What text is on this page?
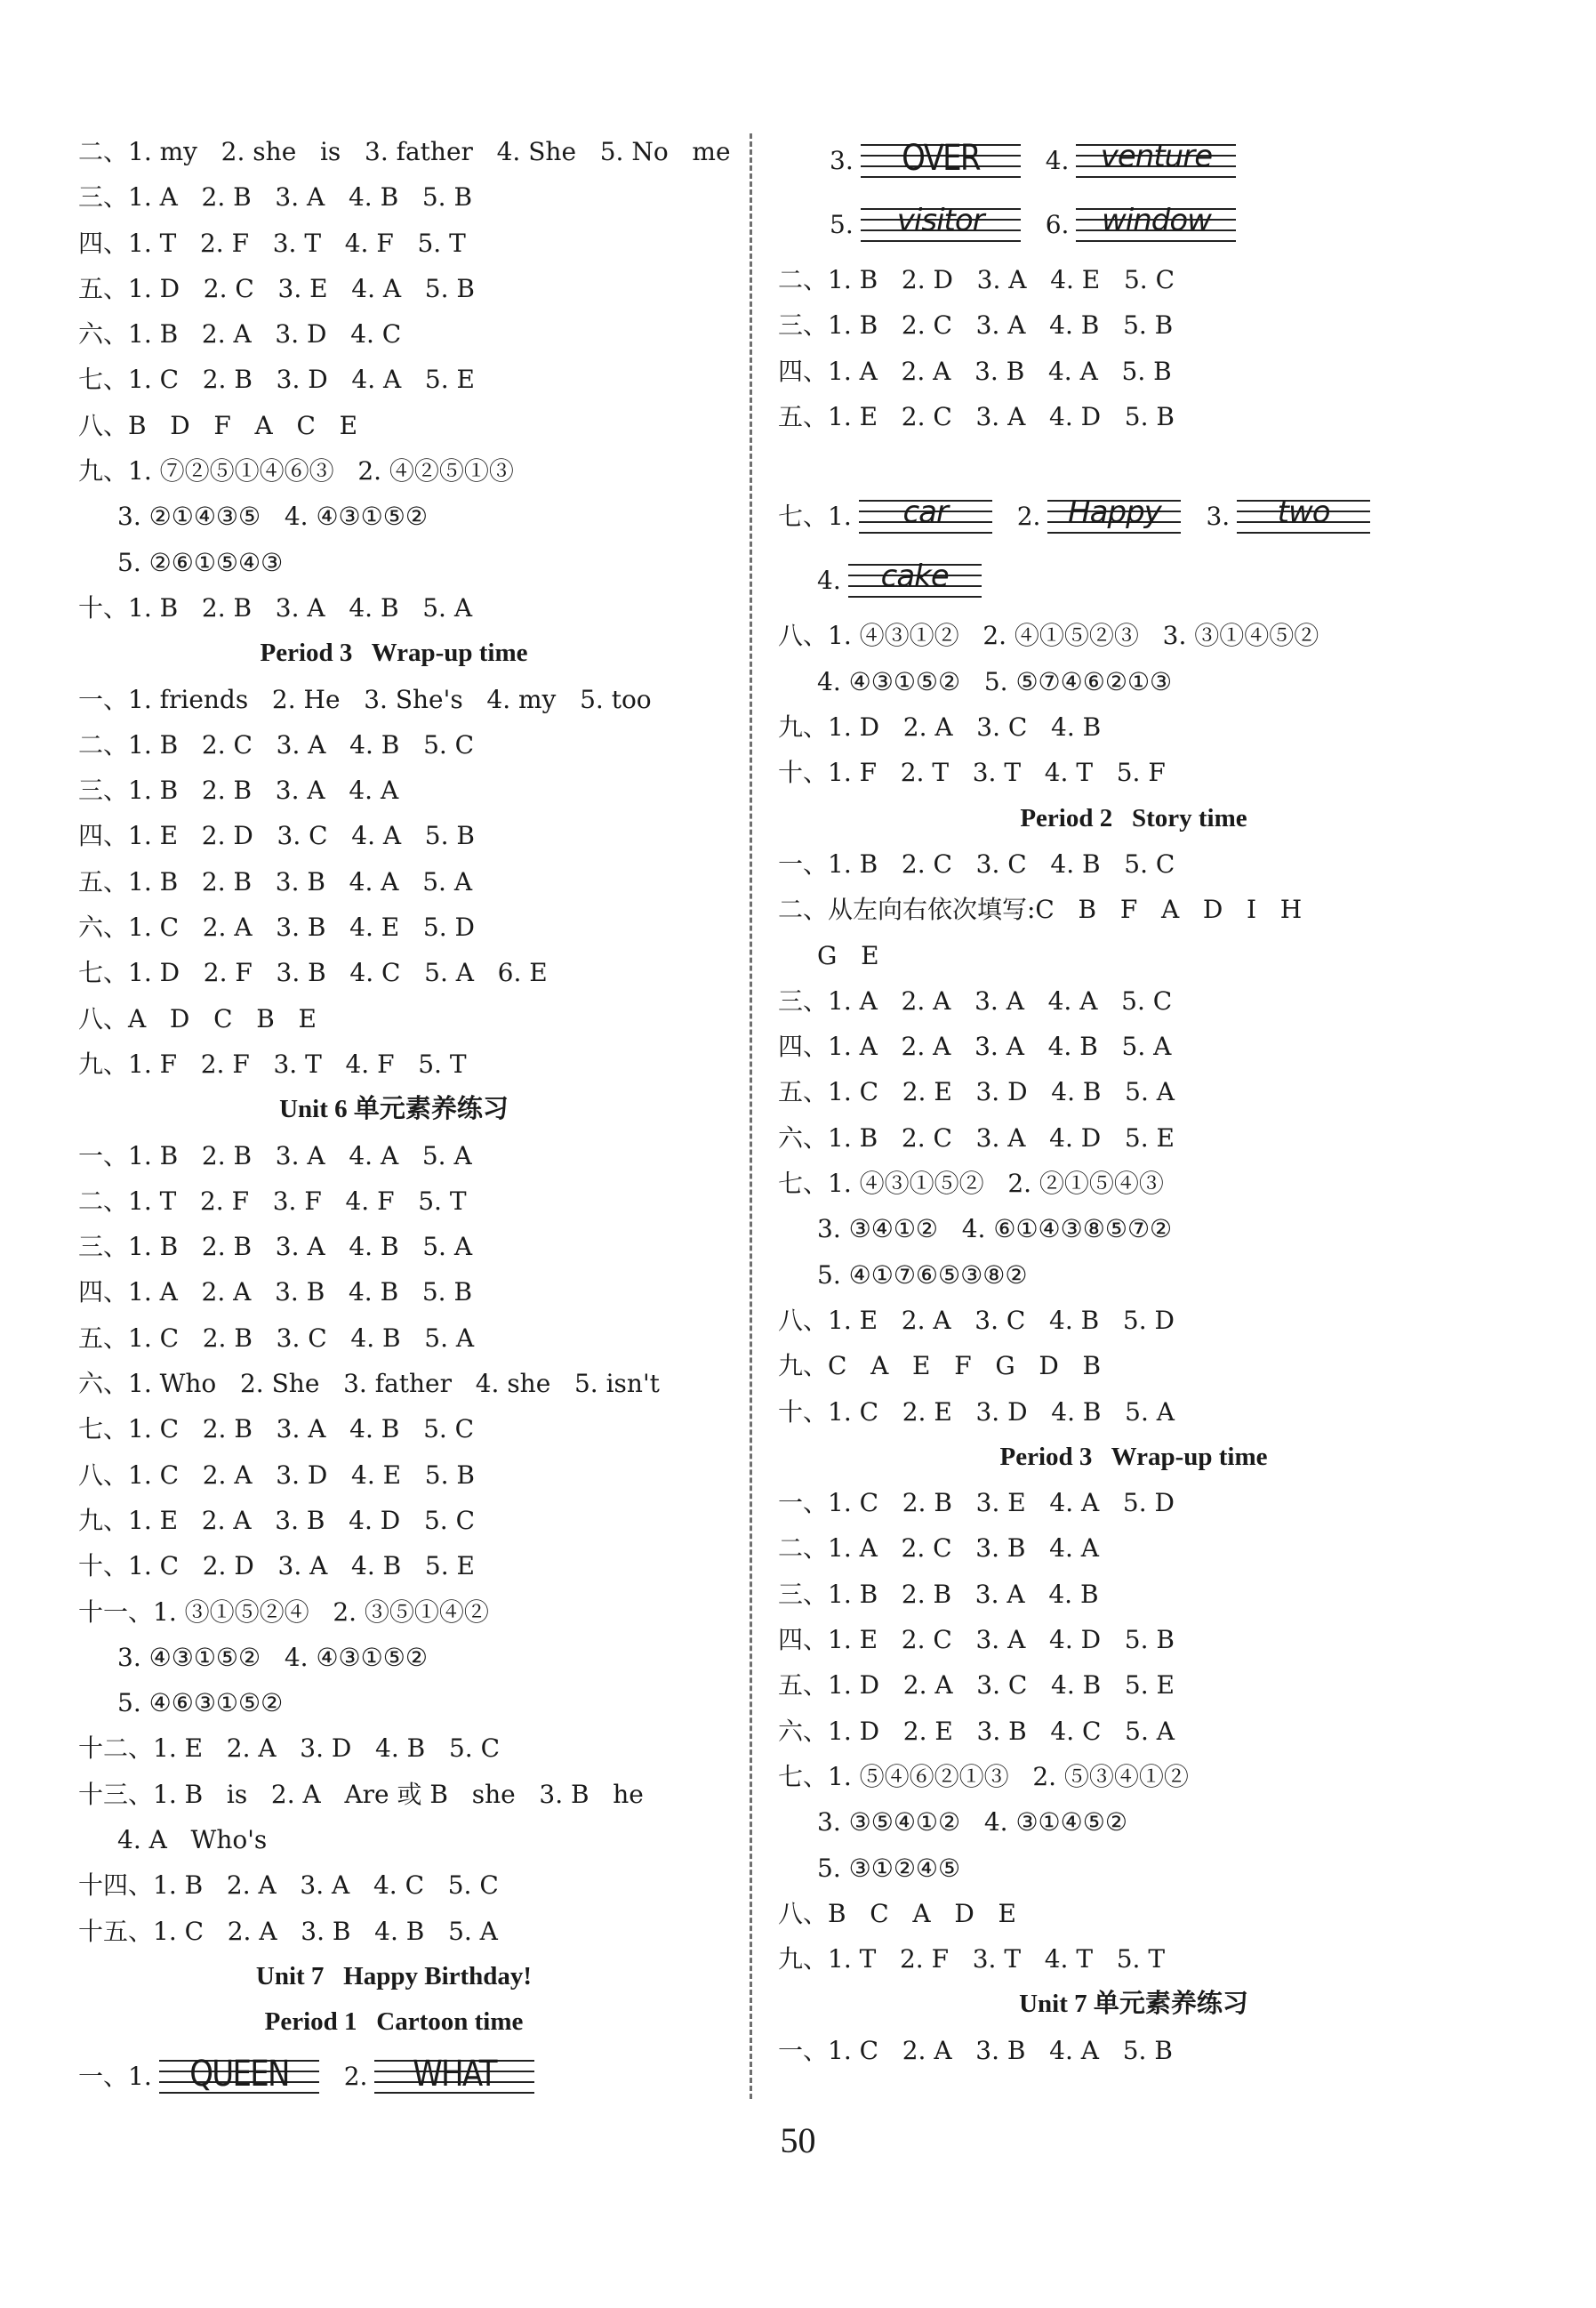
二、1. my   2. she   is   3. father   4. She   5. No   me
三、1. A   2. B   3. A   4. B   5. B
四、1. T   2. F   3. T   4. F   5. T
五、1. D   2. C   3. E   4. A   5. B
六、1. B   2. A   3. D   4. C
七、1. C   2. B   3. D   4. A   5. E
八、B   D   F   A   C   E
九、1. ⑦②⑤①④⑥③   2. ④②⑤①③
3. ②①④③⑤   4. ④③①⑤②
5. ②⑥①⑤④③
十、1. B   2. B   3. A   4. B   5. A
Period 3   Wrap-up time
一、1. friends   2. He   3. She's   4. my   5. too
二、1. B   2. C   3. A   4. B   5. C
三、1. B   2. B   3. A   4. A
四、1. E   2. D   3. C   4. A   5. B
五、1. B   2. B   3. B   4. A   5. A
六、1. C   2. A   3. B   4. E   5. D
七、1. D   2. F   3. B   4. C   5. A   6. E
八、A   D   C   B   E
九、1. F   2. F   3. T   4. F   5. T
Unit 6 单元素养练习
一、1. B   2. B   3. A   4. A   5. A
二、1. T   2. F   3. F   4. F   5. T
三、1. B   2. B   3. A   4. B   5. A
四、1. A   2. A   3. B   4. B   5. B
五、1. C   2. B   3. C   4. B   5. A
六、1. Who   2. She   3. father   4. she   5. isn't
七、1. C   2. B   3. A   4. B   5. C
八、1. C   2. A   3. D   4. E   5. B
九、1. E   2. A   3. B   4. D   5. C
十、1. C   2. D   3. A   4. B   5. E
十一、1. ③①⑤②④   2. ③⑤①④②
3. ④③①⑤②   4. ④③①⑤②
5. ④⑥③①⑤②
十二、1. E   2. A   3. D   4. B   5. C
十三、1. B   is   2. A   Are 或 B   she   3. B   he
4. A   Who's
十四、1. B   2. A   3. A   4. C   5. C
十五、1. C   2. A   3. B   4. B   5. A
Unit 7   Happy Birthday!
Period 1   Cartoon time
一、1.	QUEEN	2.	WHAT
3.	OVER	4.	venture
5.	visitor	6.	window
二、1. B   2. D   3. A   4. E   5. C
三、1. B   2. C   3. A   4. B   5. B
四、1. A   2. A   3. B   4. A   5. B
五、1. E   2. C   3. A   4. D   5. B

七、1.	car	2. Happy	3.	two
4.	cake
八、1. ④③①②   2. ④①⑤②③   3. ③①④⑤②
4. ④③①⑤②   5. ⑤⑦④⑥②①③
九、1. D   2. A   3. C   4. B
十、1. F   2. T   3. T   4. T   5. F
Period 2   Story time
一、1. B   2. C   3. C   4. B   5. C
二、从左向右依次填写:C   B   F   A   D   I   H
G   E
三、1. A   2. A   3. A   4. A   5. C
四、1. A   2. A   3. A   4. B   5. A
五、1. C   2. E   3. D   4. B   5. A
六、1. B   2. C   3. A   4. D   5. E
七、1. ④③①⑤②   2. ②①⑤④③
3. ③④①②   4. ⑥①④③⑧⑤⑦②
5. ④①⑦⑥⑤③⑧②
八、1. E   2. A   3. C   4. B   5. D
九、C   A   E   F   G   D   B
十、1. C   2. E   3. D   4. B   5. A
Period 3   Wrap-up time
一、1. C   2. B   3. E   4. A   5. D
二、1. A   2. C   3. B   4. A
三、1. B   2. B   3. A   4. B
四、1. E   2. C   3. A   4. D   5. B
五、1. D   2. A   3. C   4. B   5. E
六、1. D   2. E   3. B   4. C   5. A
七、1. ⑤④⑥②①③   2. ⑤③④①②
3. ③⑤④①②   4. ③①④⑤②
5. ③①②④⑤
八、B   C   A   D   E
九、1. T   2. F   3. T   4. T   5. T
Unit 7 单元素养练习
一、1. C   2. A   3. B   4. A   5. B
50
